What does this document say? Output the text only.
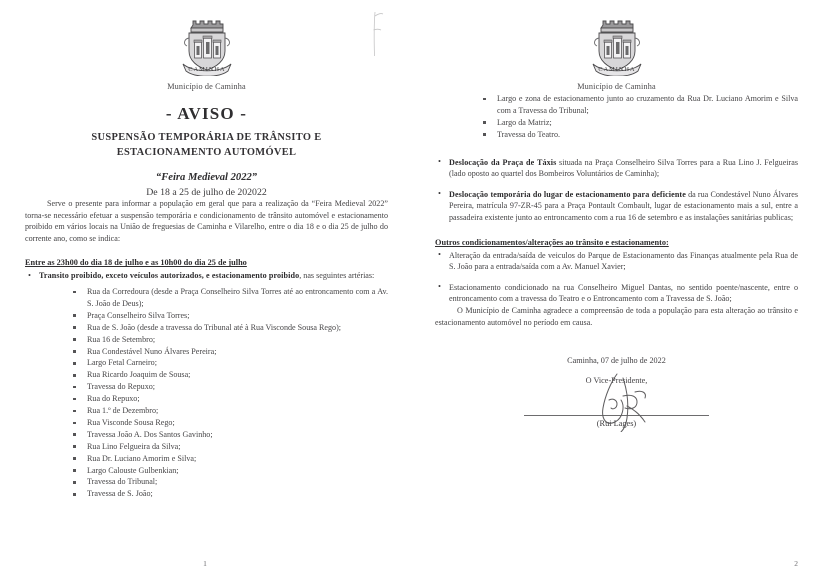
CAMINHA
Município de Caminha
- AVISO -
SUSPENSÃO TEMPORÁRIA DE TRÂNSITO E
ESTACIONAMENTO AUTOMÓVEL
“Feira Medieval 2022”
De 18 a 25 de julho de 202022

Serve o presente para informar a população em geral que para a realização da “Feira Medieval 2022” torna-se necessário efetuar a suspensão temporária e condicionamento de trânsito automóvel e estacionamento proibido em vários locais na União de freguesias de Caminha e Vilarelho, entre o dia 18 e o dia 25 de julho do corrente ano, como se indica:

Entre as 23h00 do dia 18 de julho e as 10h00 do dia 25 de julho
• Transito proibido, exceto veículos autorizados, e estacionamento proibido, nas seguintes artérias:
Rua da Corredoura (desde a Praça Conselheiro Silva Torres até ao entroncamento com a Av. S. João de Deus);
Praça Conselheiro Silva Torres;
Rua de S. João (desde a travessa do Tribunal até à Rua Visconde Sousa Rego);
Rua 16 de Setembro;
Rua Condestável Nuno Álvares Pereira;
Largo Fetal Carneiro;
Rua Ricardo Joaquim de Sousa;
Travessa do Repuxo;
Rua do Repuxo;
Rua 1.º de Dezembro;
Rua Visconde Sousa Rego;
Travessa João A. Dos Santos Gavinho;
Rua Lino Felgueira da Silva;
Rua Dr. Luciano Amorim e Silva;
Largo Calouste Gulbenkian;
Travessa do Tribunal;
Travessa de S. João;
1
CAMINHA
Município de Caminha
Largo e zona de estacionamento junto ao cruzamento da Rua Dr. Luciano Amorim e Silva com a Travessa do Tribunal;
Largo da Matriz;
Travessa do Teatro.
• Deslocação da Praça de Táxis situada na Praça Conselheiro Silva Torres para a Rua Lino J. Felgueiras (lado oposto ao quartel dos Bombeiros Voluntários de Caminha);
• Deslocação temporária do lugar de estacionamento para deficiente da rua Condestável Nuno Álvares Pereira, matrícula 97-ZR-45 para a Praça Pontault Combault, lugar de estacionamento mais a sul, entre a passadeira existente junto ao entroncamento com a rua 16 de setembro e as instalações sanitárias publicas;
Outros condicionamentos/alterações ao trânsito e estacionamento:
• Alteração da entrada/saída de veiculos do Parque de Estacionamento das Finanças atualmente pela Rua de S. João para a entrada/saída com a Av. Manuel Xavier;
• Estacionamento condicionado na rua Conselheiro Miguel Dantas, no sentido poente/nascente, entre o entroncamento com a travessa do Teatro e o Entroncamento com a Travessa de S. João;

O Município de Caminha agradece a compreensão de toda a população para esta alteração ao trânsito e estacionamento automóvel no período em causa.

Caminha, 07 de julho de 2022
O Vice-Presidente,
(Rui Lages)
2
